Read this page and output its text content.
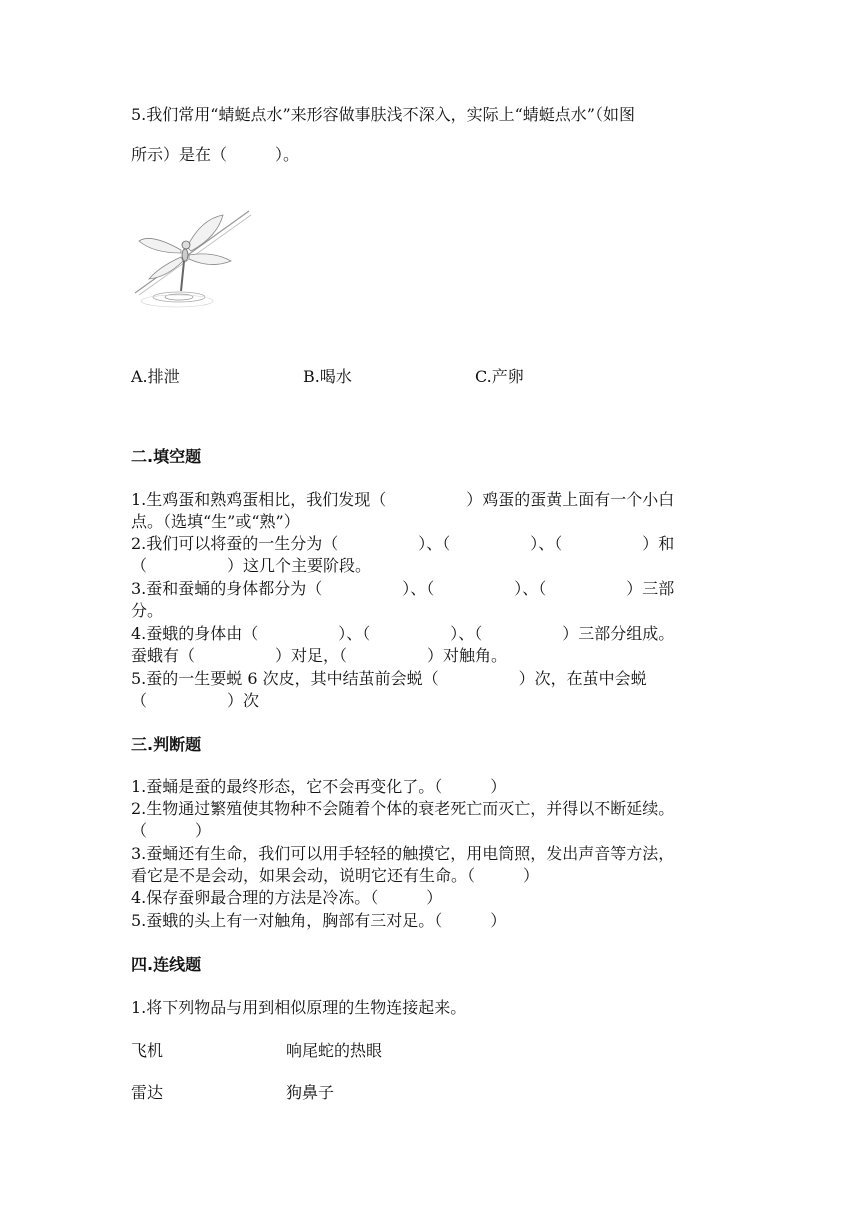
5.我们常用“蜻蜓点水”来形容做事肤浅不深入，实际上“蜻蜓点水”（如图
所示）是在（　　　）。
A.排泄	B.喝水	C.产卵
二.填空题
1.生鸡蛋和熟鸡蛋相比，我们发现（　　　　　）鸡蛋的蛋黄上面有一个小白
点。（选填“生”或“熟”）
2.我们可以将蚕的一生分为（　　　　　）、（　　　　　）、（　　　　　）和
（　　　　　）这几个主要阶段。
3.蚕和蚕蛹的身体都分为（　　　　　）、（　　　　　）、（　　　　　）三部
分。
4.蚕蛾的身体由（　　　　　）、（　　　　　）、（　　　　　）三部分组成。
蚕蛾有（　　　　　）对足，（　　　　　）对触角。
5.蚕的一生要蜕 6 次皮，其中结茧前会蜕（　　　　　）次，在茧中会蜕
（　　　　　）次
三.判断题
1.蚕蛹是蚕的最终形态，它不会再变化了。（　　　）
2.生物通过繁殖使其物种不会随着个体的衰老死亡而灭亡，并得以不断延续。
（　　　）
3.蚕蛹还有生命，我们可以用手轻轻的触摸它，用电筒照，发出声音等方法，
看它是不是会动，如果会动，说明它还有生命。（　　　）
4.保存蚕卵最合理的方法是冷冻。（　　　）
5.蚕蛾的头上有一对触角，胸部有三对足。（　　　）
四.连线题
1.将下列物品与用到相似原理的生物连接起来。
飞机	响尾蛇的热眼
雷达	狗鼻子
